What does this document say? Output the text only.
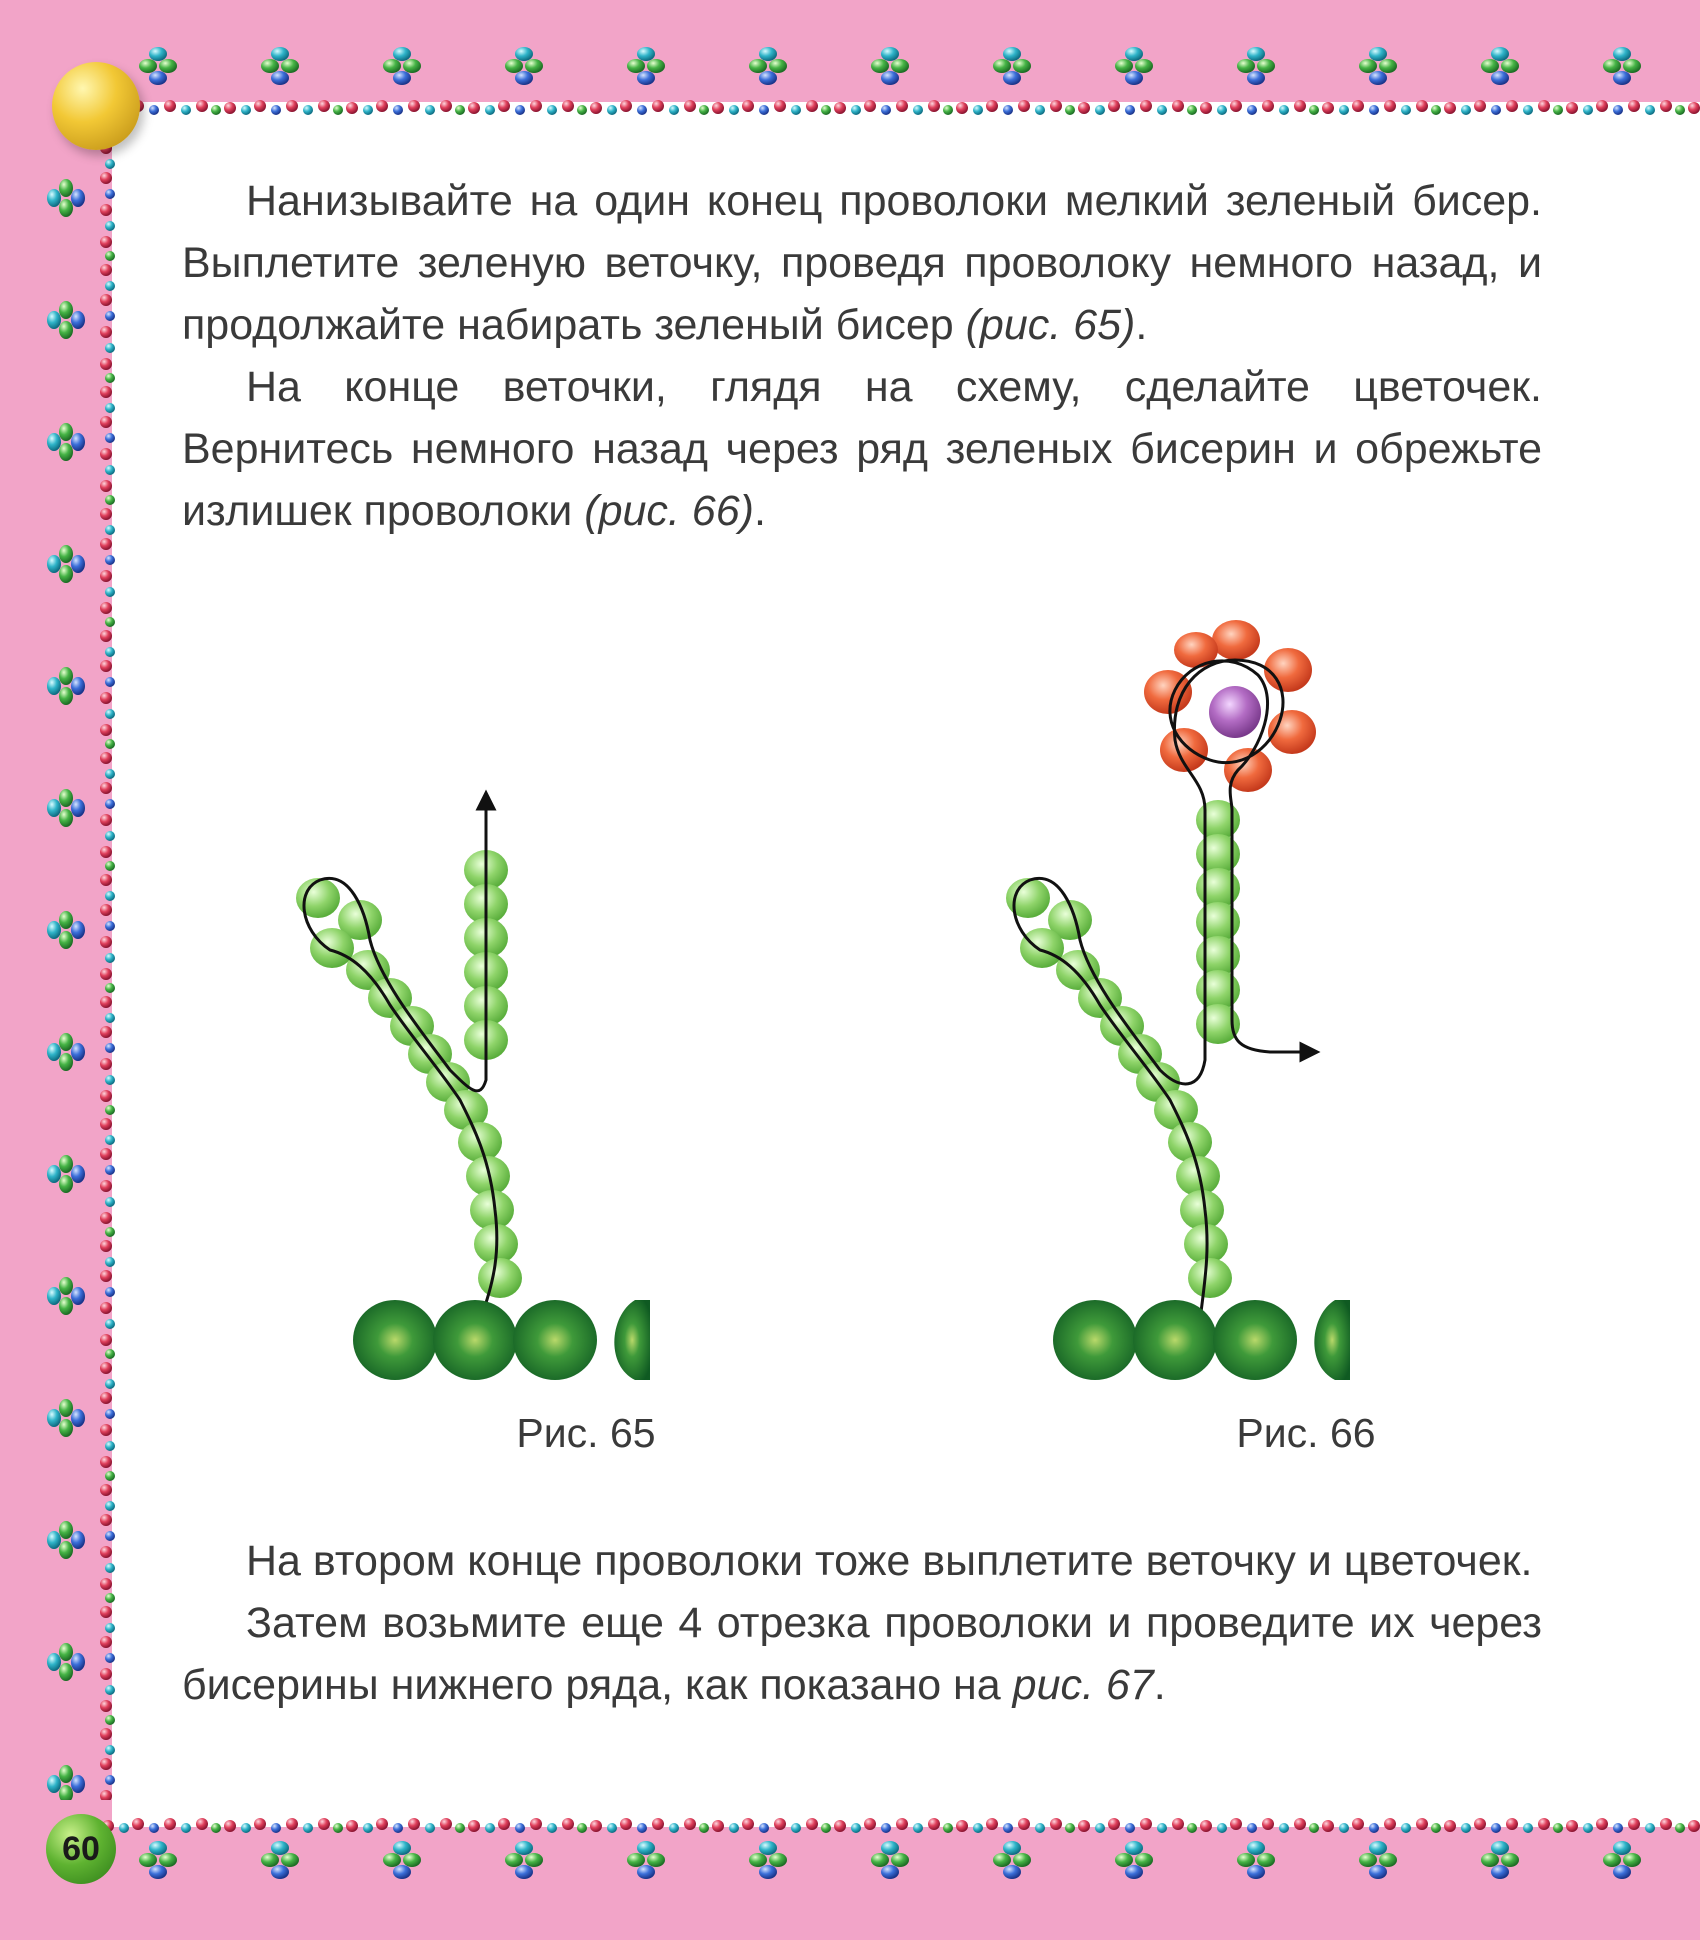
Нанизывайте на один конец проволоки мелкий зеленый бисер. Выплетите зеленую веточку, проведя проволоку немного назад, и продолжайте набирать зеленый бисер (рис. 65).

На конце веточки, глядя на схему, сделайте цветочек. Вернитесь немного назад через ряд зеленых бисерин и обрежьте излишек проволоки (рис. 66).

Рис. 65	Рис. 66

На втором конце проволоки тоже выплетите веточку и цветочек.

Затем возьмите еще 4 отрезка проволоки и проведите их через бисерины нижнего ряда, как показано на рис. 67.

60
